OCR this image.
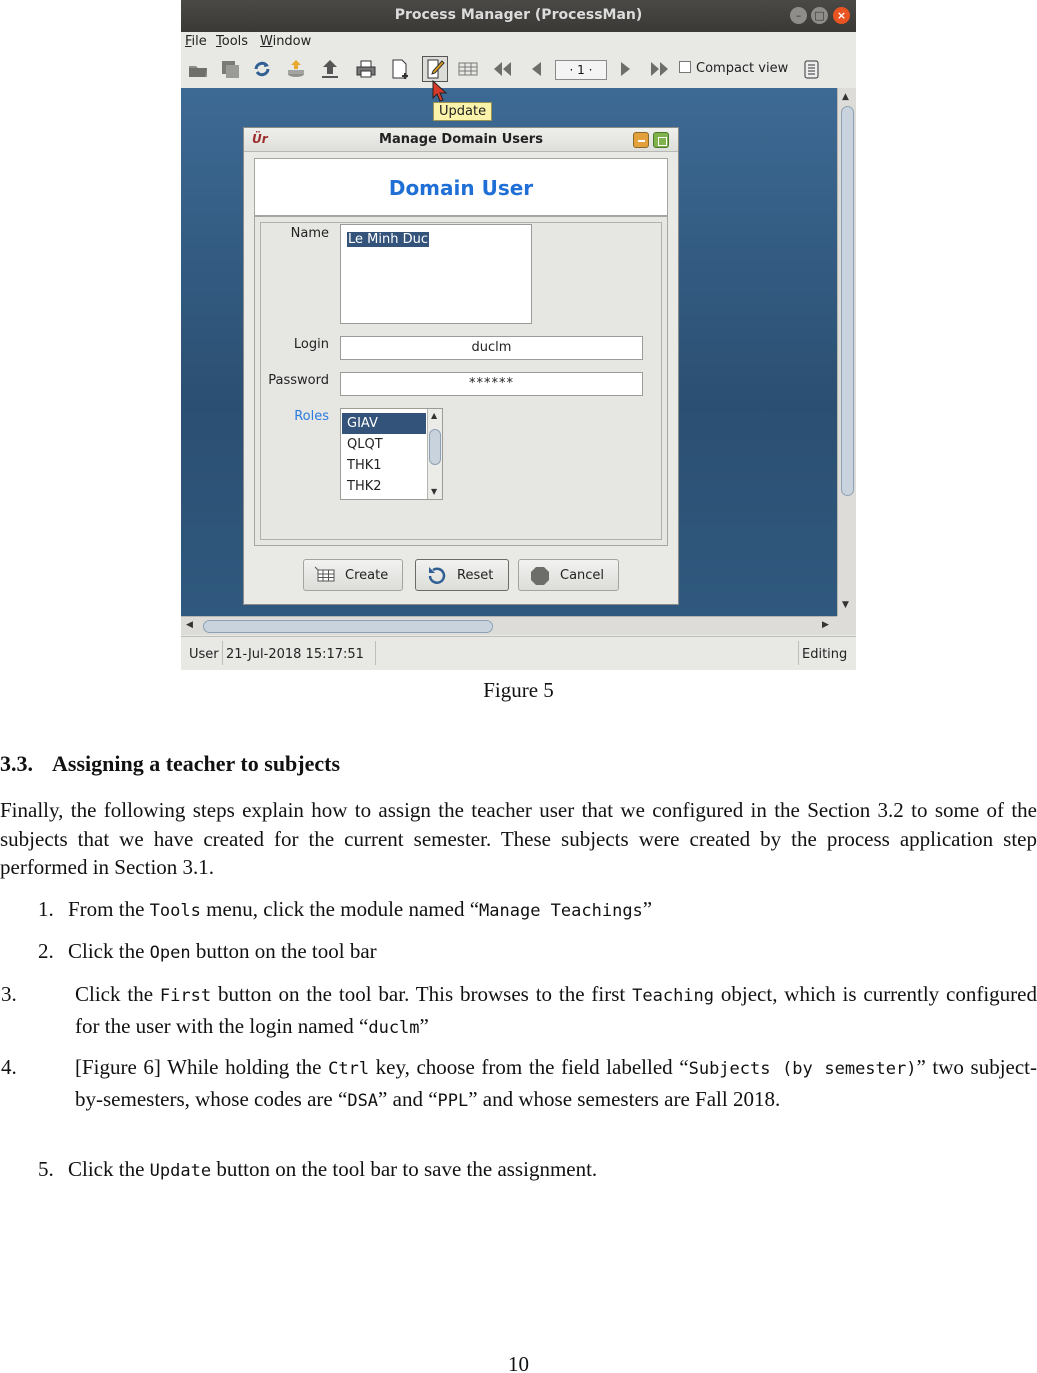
Process Manager (ProcessMan)	–	□	×
File Tools Window
· 1 ·	Compact view
▲
▼
◀	▶
Ür	Manage Domain Users
Domain User
Name Le Minh Duc
Login	duclm
Password	******
Roles	GIAV
QLQT
THK1
THK2
▲
▼
Create	Reset	Cancel
Update
User 21-Jul-2018 15:17:51	Editing
Figure 5
3.3. Assigning a teacher to subjects
Finally, the following steps explain how to assign the teacher user that we configured in the Section 3.2 to some of the subjects that we have created for the current semester. These subjects were created by the process application step performed in Section 3.1.
1. From the Tools menu, click the module named “Manage Teachings”
2. Click the Open button on the tool bar
3.	Click the First button on the tool bar. This browses to the first Teaching object, which is currently configured for the user with the login named “duclm”
4.	[Figure 6] While holding the Ctrl key, choose from the field labelled “Subjects (by semester)” two subject-by-semesters, whose codes are “DSA” and “PPL” and whose semesters are Fall 2018.
5. Click the Update button on the tool bar to save the assignment.
10
